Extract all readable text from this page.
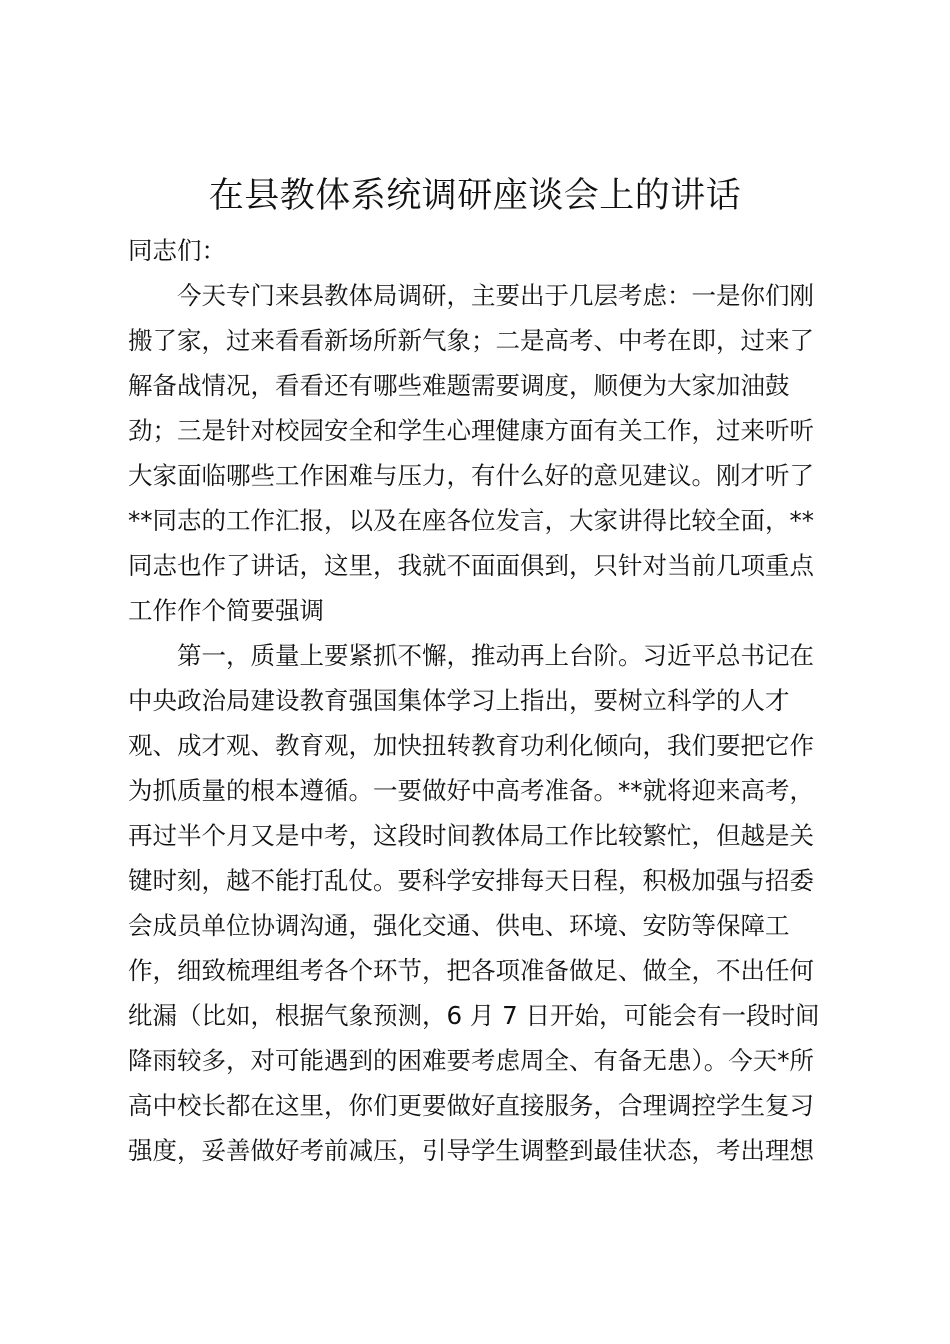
在县教体系统调研座谈会上的讲话

同志们：

今天专门来县教体局调研，主要出于几层考虑：一是你们刚
搬了家，过来看看新场所新气象；二是高考、中考在即，过来了
解备战情况，看看还有哪些难题需要调度，顺便为大家加油鼓
劲；三是针对校园安全和学生心理健康方面有关工作，过来听听
大家面临哪些工作困难与压力，有什么好的意见建议。刚才听了
**同志的工作汇报，以及在座各位发言，大家讲得比较全面，**
同志也作了讲话，这里，我就不面面俱到，只针对当前几项重点
工作作个简要强调

第一，质量上要紧抓不懈，推动再上台阶。习近平总书记在
中央政治局建设教育强国集体学习上指出，要树立科学的人才
观、成才观、教育观，加快扭转教育功利化倾向，我们要把它作
为抓质量的根本遵循。一要做好中高考准备。**就将迎来高考，
再过半个月又是中考，这段时间教体局工作比较繁忙，但越是关
键时刻，越不能打乱仗。要科学安排每天日程，积极加强与招委
会成员单位协调沟通，强化交通、供电、环境、安防等保障工
作，细致梳理组考各个环节，把各项准备做足、做全，不出任何
纰漏（比如，根据气象预测，6 月 7 日开始，可能会有一段时间
降雨较多，对可能遇到的困难要考虑周全、有备无患）。今天*所
高中校长都在这里，你们更要做好直接服务，合理调控学生复习
强度，妥善做好考前减压，引导学生调整到最佳状态，考出理想
